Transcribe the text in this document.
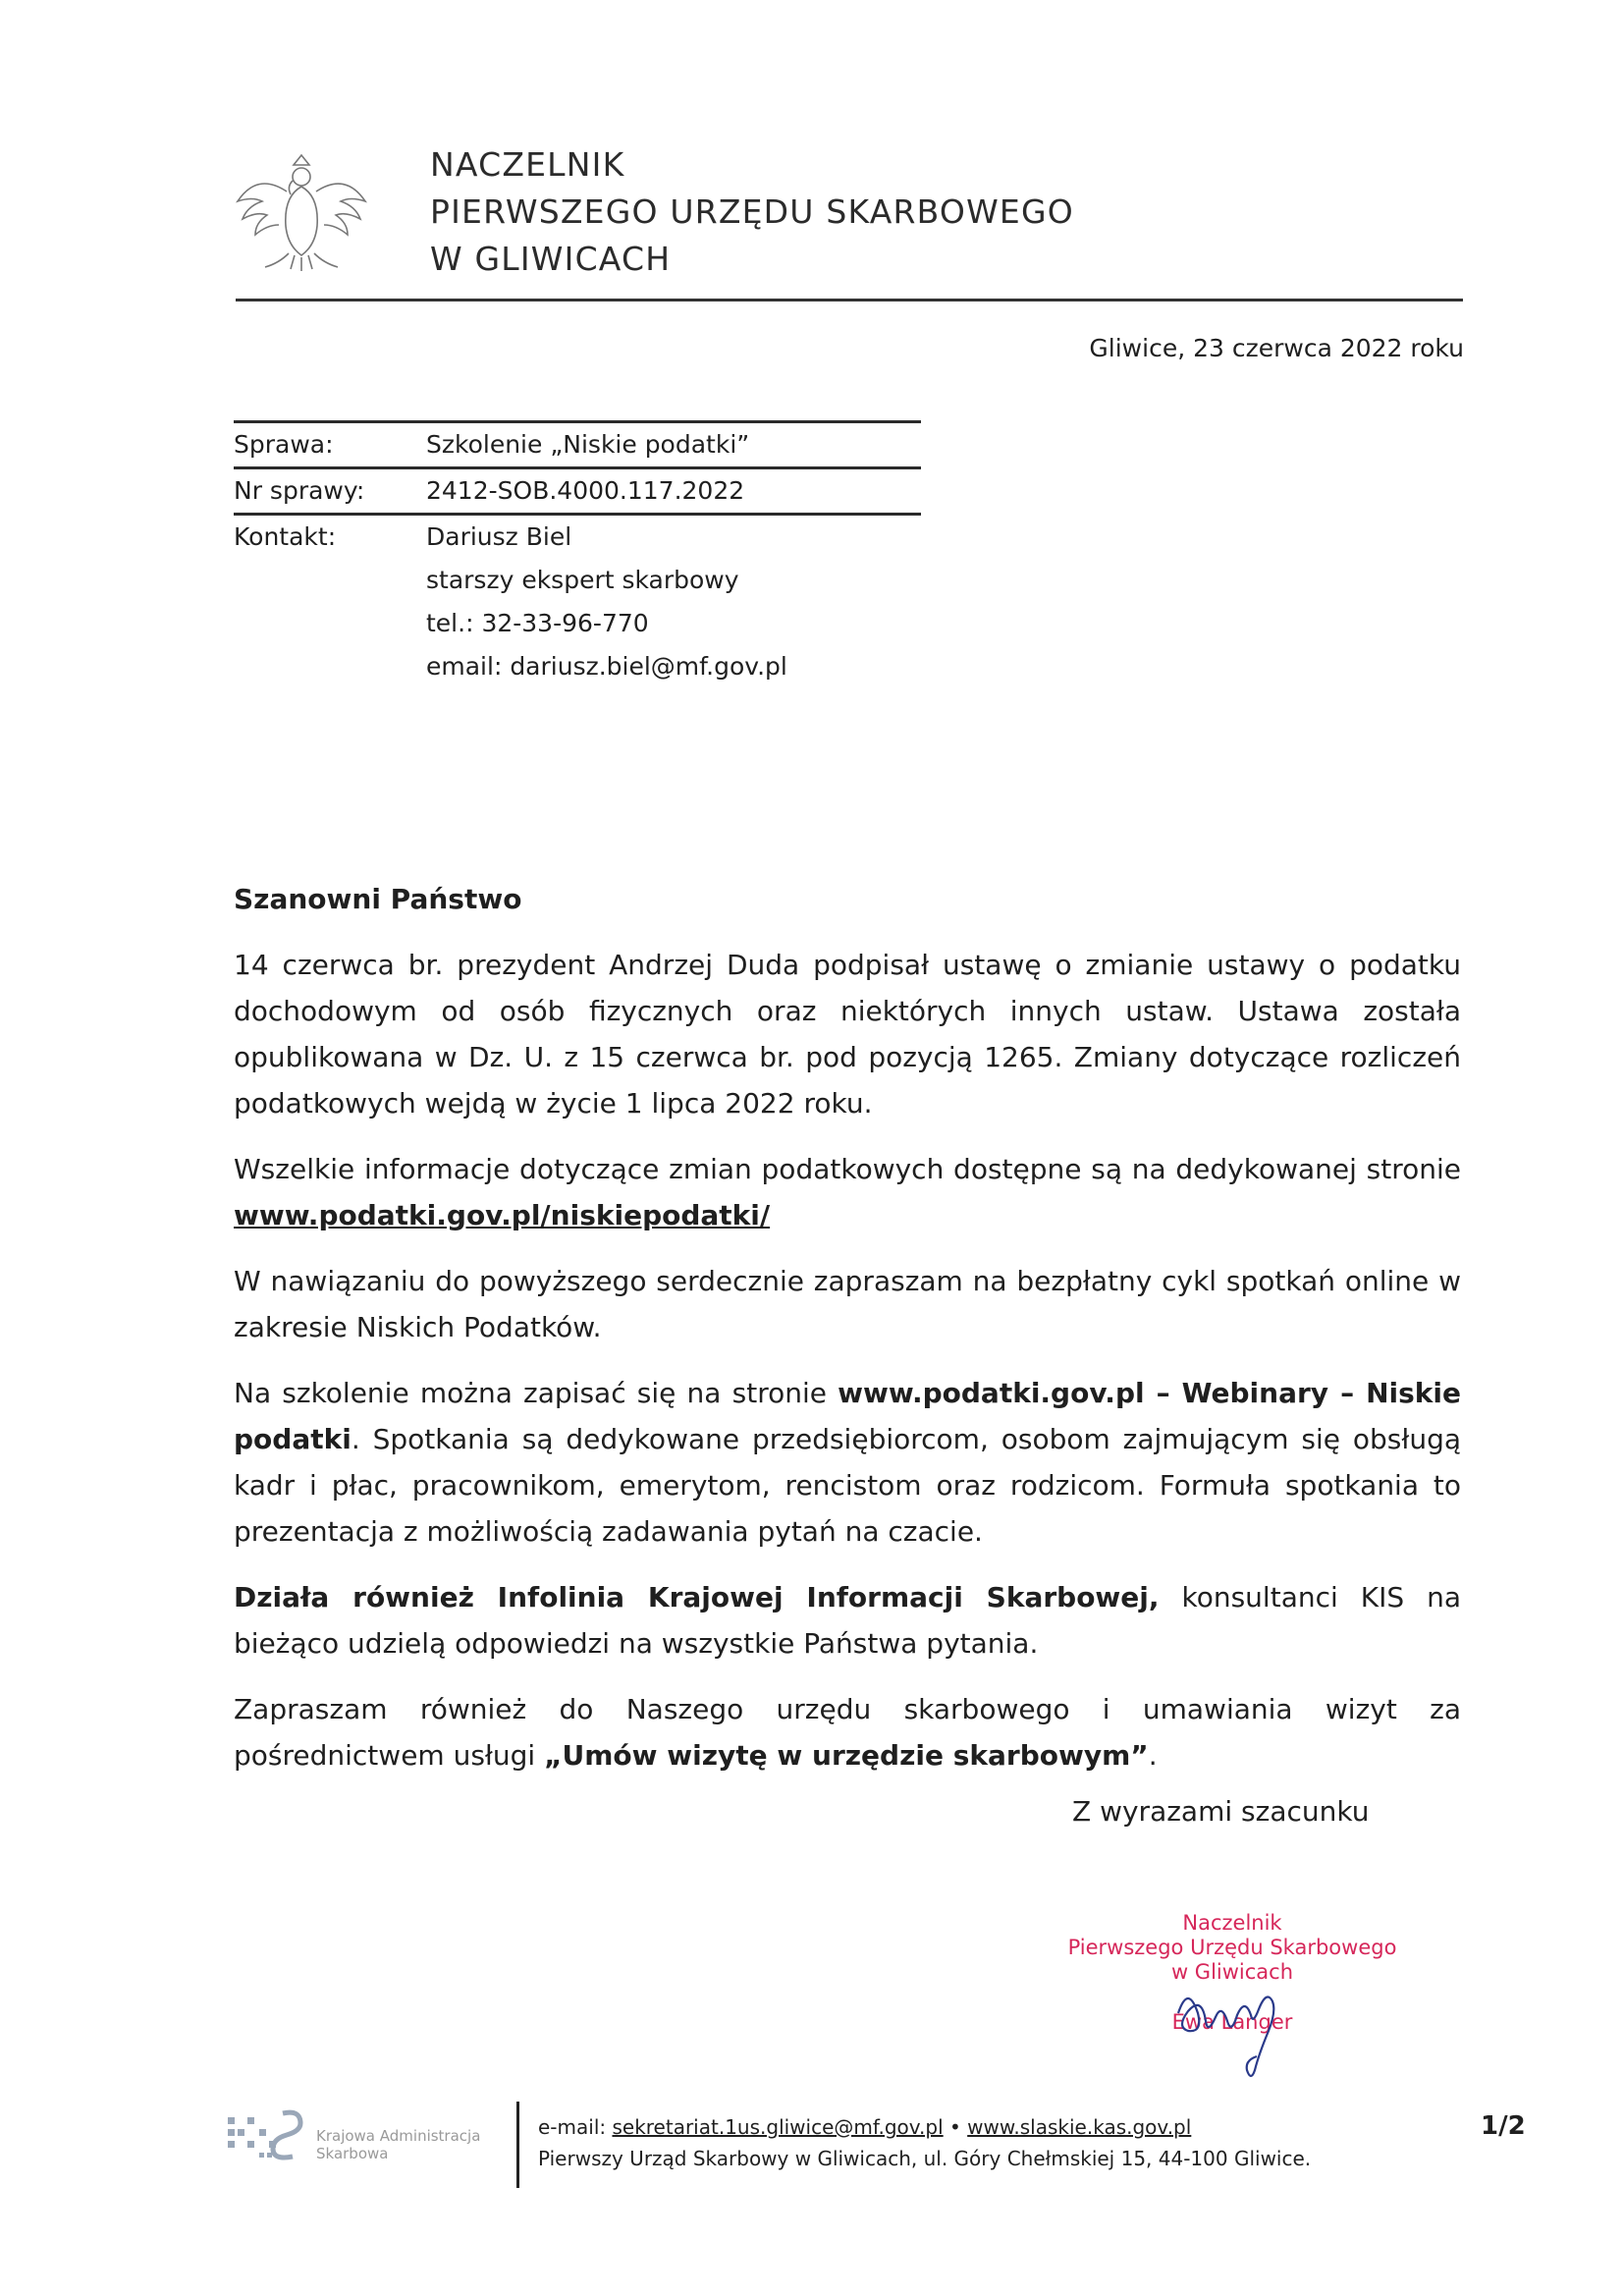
NACZELNIK
PIERWSZEGO URZĘDU SKARBOWEGO
W GLIWICACH
Gliwice, 23 czerwca 2022 roku
Sprawa:	Szkolenie „Niskie podatki”
Nr sprawy:	2412-SOB.4000.117.2022
Kontakt:	Dariusz Biel
starszy ekspert skarbowy
tel.: 32-33-96-770
email: dariusz.biel@mf.gov.pl
Szanowni Państwo

14 czerwca br. prezydent Andrzej Duda podpisał ustawę o zmianie ustawy o podatku dochodowym od osób fizycznych oraz niektórych innych ustaw. Ustawa została opublikowana w Dz. U. z 15 czerwca br. pod pozycją 1265. Zmiany dotyczące rozliczeń podatkowych wejdą w życie 1 lipca 2022 roku.

Wszelkie informacje dotyczące zmian podatkowych dostępne są na dedykowanej stronie
www.podatki.gov.pl/niskiepodatki/

W nawiązaniu do powyższego serdecznie zapraszam na bezpłatny cykl spotkań online w zakresie Niskich Podatków.

Na szkolenie można zapisać się na stronie www.podatki.gov.pl – Webinary – Niskie podatki. Spotkania są dedykowane przedsiębiorcom, osobom zajmującym się obsługą kadr i płac, pracownikom, emerytom, rencistom oraz rodzicom. Formuła spotkania to prezentacja z możliwością zadawania pytań na czacie.

Działa również Infolinia Krajowej Informacji Skarbowej, konsultanci KIS na bieżąco udzielą odpowiedzi na wszystkie Państwa pytania.

Zapraszam również do Naszego urzędu skarbowego i umawiania wizyt za pośrednictwem usługi „Umów wizytę w urzędzie skarbowym”.

Z wyrazami szacunku
Naczelnik
Pierwszego Urzędu Skarbowego
w Gliwicach
Ewa Langer
Krajowa Administracja
Skarbowa
e-mail: sekretariat.1us.gliwice@mf.gov.pl • www.slaskie.kas.gov.pl
Pierwszy Urząd Skarbowy w Gliwicach, ul. Góry Chełmskiej 15, 44-100 Gliwice.
1/2
